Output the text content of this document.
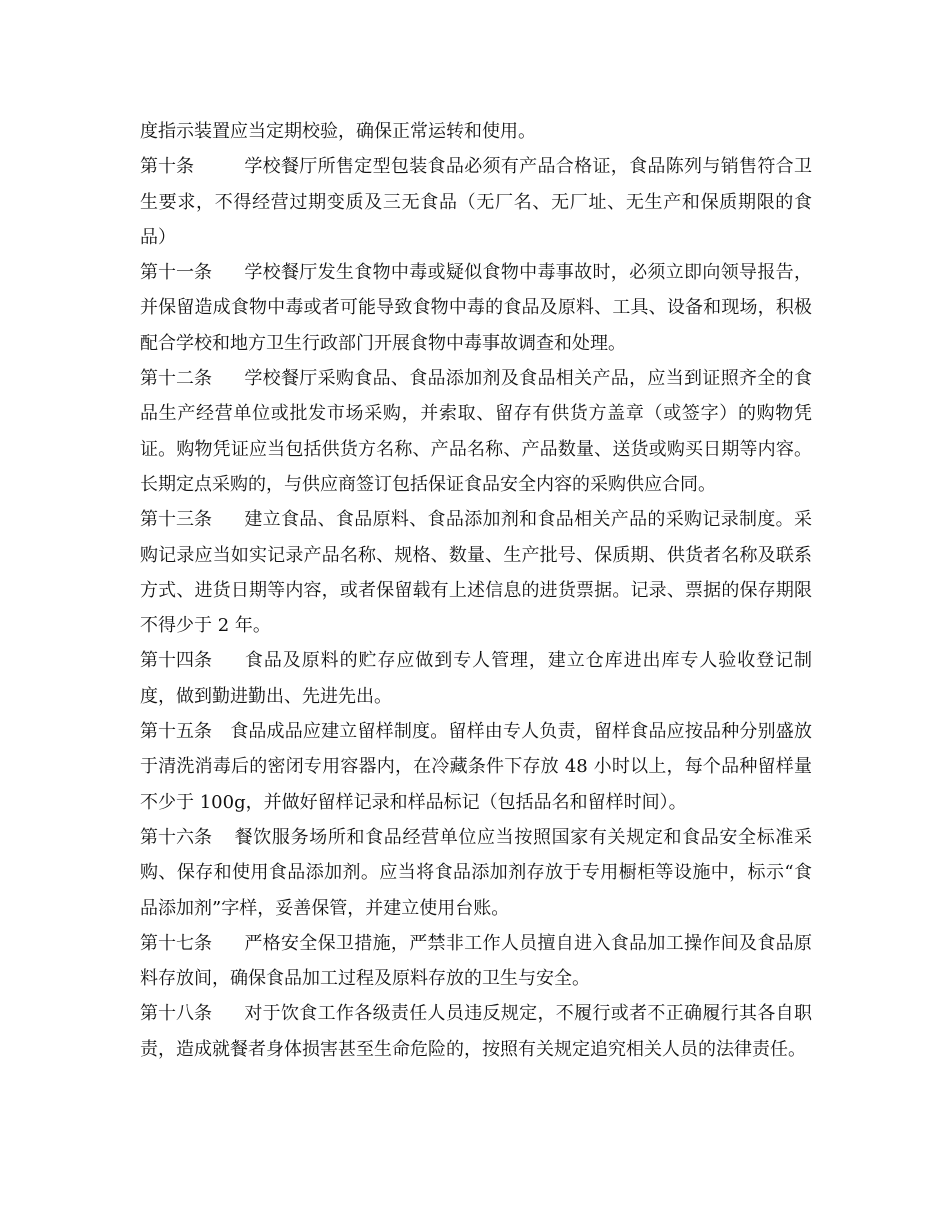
度指示装置应当定期校验，确保正常运转和使用。

第十条	学校餐厅所售定型包装食品必须有产品合格证，食品陈列与销售符合卫生要求，不得经营过期变质及三无食品（无厂名、无厂址、无生产和保质期限的食品）

第十一条 学校餐厅发生食物中毒或疑似食物中毒事故时，必须立即向领导报告，并保留造成食物中毒或者可能导致食物中毒的食品及原料、工具、设备和现场，积极配合学校和地方卫生行政部门开展食物中毒事故调查和处理。

第十二条 学校餐厅采购食品、食品添加剂及食品相关产品，应当到证照齐全的食品生产经营单位或批发市场采购，并索取、留存有供货方盖章（或签字）的购物凭证。购物凭证应当包括供货方名称、产品名称、产品数量、送货或购买日期等内容。长期定点采购的，与供应商签订包括保证食品安全内容的采购供应合同。

第十三条 建立食品、食品原料、食品添加剂和食品相关产品的采购记录制度。采购记录应当如实记录产品名称、规格、数量、生产批号、保质期、供货者名称及联系方式、进货日期等内容，或者保留载有上述信息的进货票据。记录、票据的保存期限不得少于 2 年。

第十四条 食品及原料的贮存应做到专人管理，建立仓库进出库专人验收登记制度，做到勤进勤出、先进先出。

第十五条 食品成品应建立留样制度。留样由专人负责，留样食品应按品种分别盛放于清洗消毒后的密闭专用容器内，在冷藏条件下存放 48 小时以上，每个品种留样量不少于 100g，并做好留样记录和样品标记（包括品名和留样时间）。

第十六条 餐饮服务场所和食品经营单位应当按照国家有关规定和食品安全标准采购、保存和使用食品添加剂。应当将食品添加剂存放于专用橱柜等设施中，标示“食品添加剂”字样，妥善保管，并建立使用台账。

第十七条 严格安全保卫措施，严禁非工作人员擅自进入食品加工操作间及食品原料存放间，确保食品加工过程及原料存放的卫生与安全。

第十八条 对于饮食工作各级责任人员违反规定，不履行或者不正确履行其各自职责，造成就餐者身体损害甚至生命危险的，按照有关规定追究相关人员的法律责任。
